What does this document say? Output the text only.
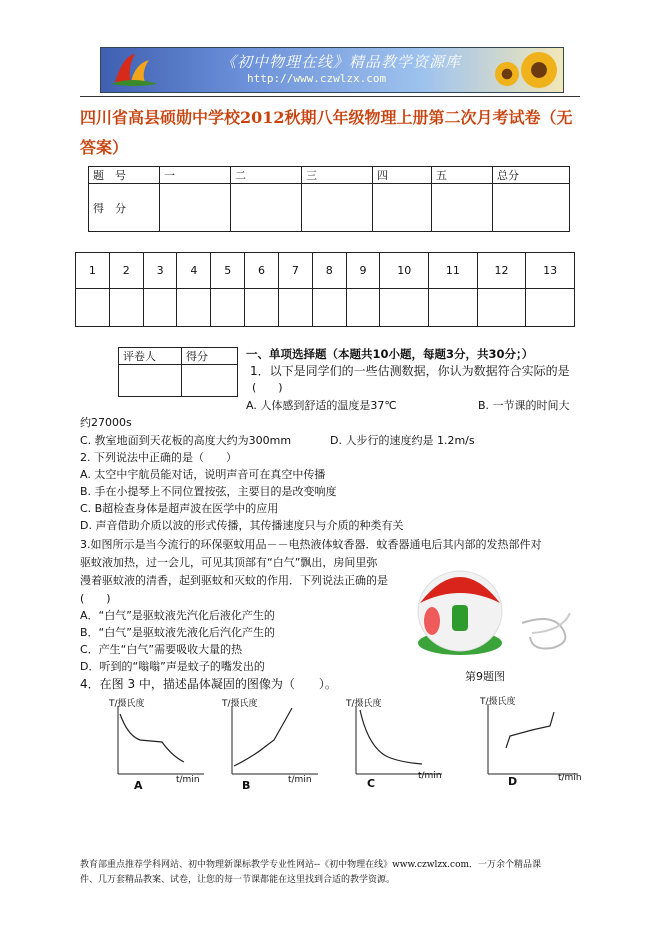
《初中物理在线》精品教学资源库
http://www.czwlzx.com
四川省高县硕勋中学校2012秋期八年级物理上册第二次月考试卷（无答案）
题　号	一	二	三	四	五	总分
得　分						
1	2	3	4	5	6	7	8	9	10	11	12	13

评卷人	得分
		一、单项选择题（本题共10小题，每题3分，共30分；）
1．以下是同学们的一些估测数据，你认为数据符合实际的是
(　　)
A. 人体感到舒适的温度是37℃	B. 一节课的时间大
约27000s
C. 教室地面到天花板的高度大约为300mm	D. 人步行的速度约是 1.2m/s
2. 下列说法中正确的是（　　）
A. 太空中宇航员能对话，说明声音可在真空中传播
B. 手在小提琴上不同位置按弦，主要目的是改变响度
C. B超检查身体是超声波在医学中的应用
D. 声音借助介质以波的形式传播，其传播速度只与介质的种类有关
3.如图所示是当今流行的环保驱蚊用品－－电热液体蚊香器．蚊香器通电后其内部的发热部件对
驱蚊液加热，过一会儿，可见其顶部有“白气”飘出，房间里弥
漫着驱蚊液的清香，起到驱蚊和灭蚊的作用．下列说法正确的是
(　　)
A．“白气”是驱蚊液先汽化后液化产生的
B．“白气”是驱蚊液先液化后汽化产生的
C．产生“白气”需要吸收大量的热
D．听到的“嗡嗡”声是蚊子的嘴发出的
第9题图
4．在图 3 中，描述晶体凝固的图像为（　　）。
T/摄氏度
t/min
A
T/摄氏度
t/min
B
T/摄氏度
t/min
C
T/摄氏度
t/min
D
教育部重点推荐学科网站、初中物理新课标教学专业性网站--《初中物理在线》www.czwlzx.com．一万余个精品课
件、几万套精品教案、试卷，让您的每一节课都能在这里找到合适的教学资源。
